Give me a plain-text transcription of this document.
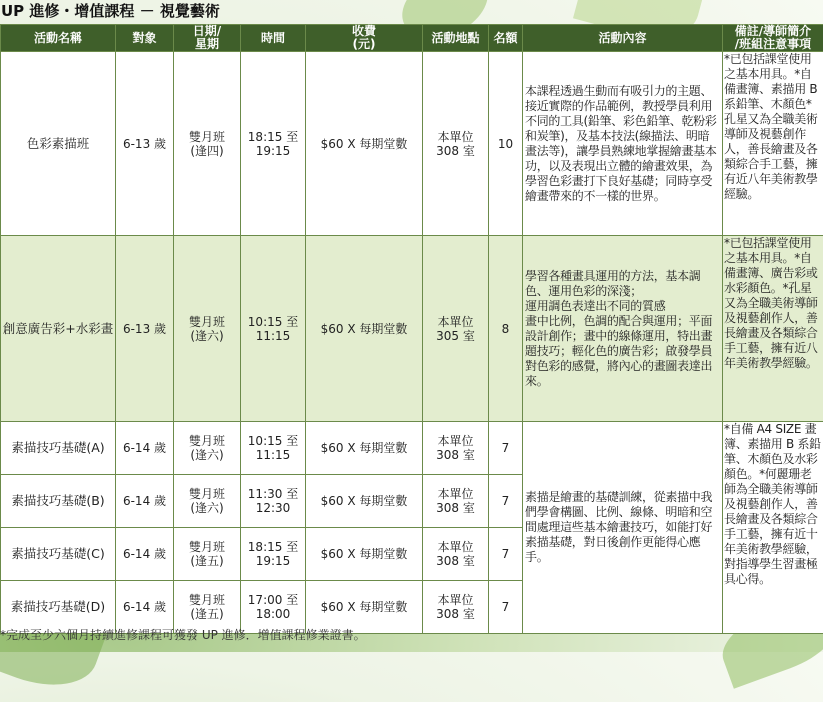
UP 進修・增值課程 － 視覺藝術
活動名稱	對象	日期/
星期	時間	收費
(元)	活動地點	名額	活動內容	備註/導師簡介
/班組注意事項
色彩素描班	6-13 歲	雙月班
(逢四)	18:15 至
19:15	$60 X 每期堂數	本單位
308 室	10	本課程透過生動而有吸引力的主題、接近實際的作品範例，教授學員利用不同的工具(鉛筆、彩色鉛筆、乾粉彩和炭筆)，及基本技法(線描法、明暗畫法等)，讓學員熟練地掌握繪畫基本功，以及表現出立體的繪畫效果，為學習色彩畫打下良好基礎；同時享受繪畫帶來的不一樣的世界。	*已包括課堂使用之基本用具。*自備畫簿、素描用 B 系鉛筆、木顏色*孔星又為全職美術導師及視藝創作人，善長繪畫及各類綜合手工藝，擁有近八年美術教學經驗。
創意廣告彩+水彩畫	6-13 歲	雙月班
(逢六)	10:15 至
11:15	$60 X 每期堂數	本單位
305 室	8	學習各種畫具運用的方法，基本調色、運用色彩的深淺；
運用調色表達出不同的質感
畫中比例，色調的配合與運用；平面設計創作；畫中的線條運用，特出畫題技巧；輕化色的廣告彩；啟發學員對色彩的感覺，將內心的畫圖表達出來。	*已包括課堂使用之基本用具。*自備畫簿、廣告彩或水彩顏色。*孔星又為全職美術導師及視藝創作人，善長繪畫及各類綜合手工藝，擁有近八年美術教學經驗。
素描技巧基礎(A)	6-14 歲	雙月班
(逢六)	10:15 至
11:15	$60 X 每期堂數	本單位
308 室	7	素描是繪畫的基礎訓練，從素描中我們學會構圖、比例、線條、明暗和空間處理這些基本繪畫技巧，如能打好素描基礎，對日後創作更能得心應手。	*自備 A4 SIZE 畫簿、素描用 B 系鉛筆、木顏色及水彩顏色。*何麗珊老師為全職美術導師及視藝創作人，善長繪畫及各類綜合手工藝，擁有近十年美術教學經驗，對指導學生習畫極具心得。
素描技巧基礎(B)	6-14 歲	雙月班
(逢六)	11:30 至
12:30	$60 X 每期堂數	本單位
308 室	7		
素描技巧基礎(C)	6-14 歲	雙月班
(逢五)	18:15 至
19:15	$60 X 每期堂數	本單位
308 室	7		
素描技巧基礎(D)	6-14 歲	雙月班
(逢五)	17:00 至
18:00	$60 X 每期堂數	本單位
308 室	7		
*完成至少六個月持續進修課程可獲發 UP 進修．增值課程修業證書。
